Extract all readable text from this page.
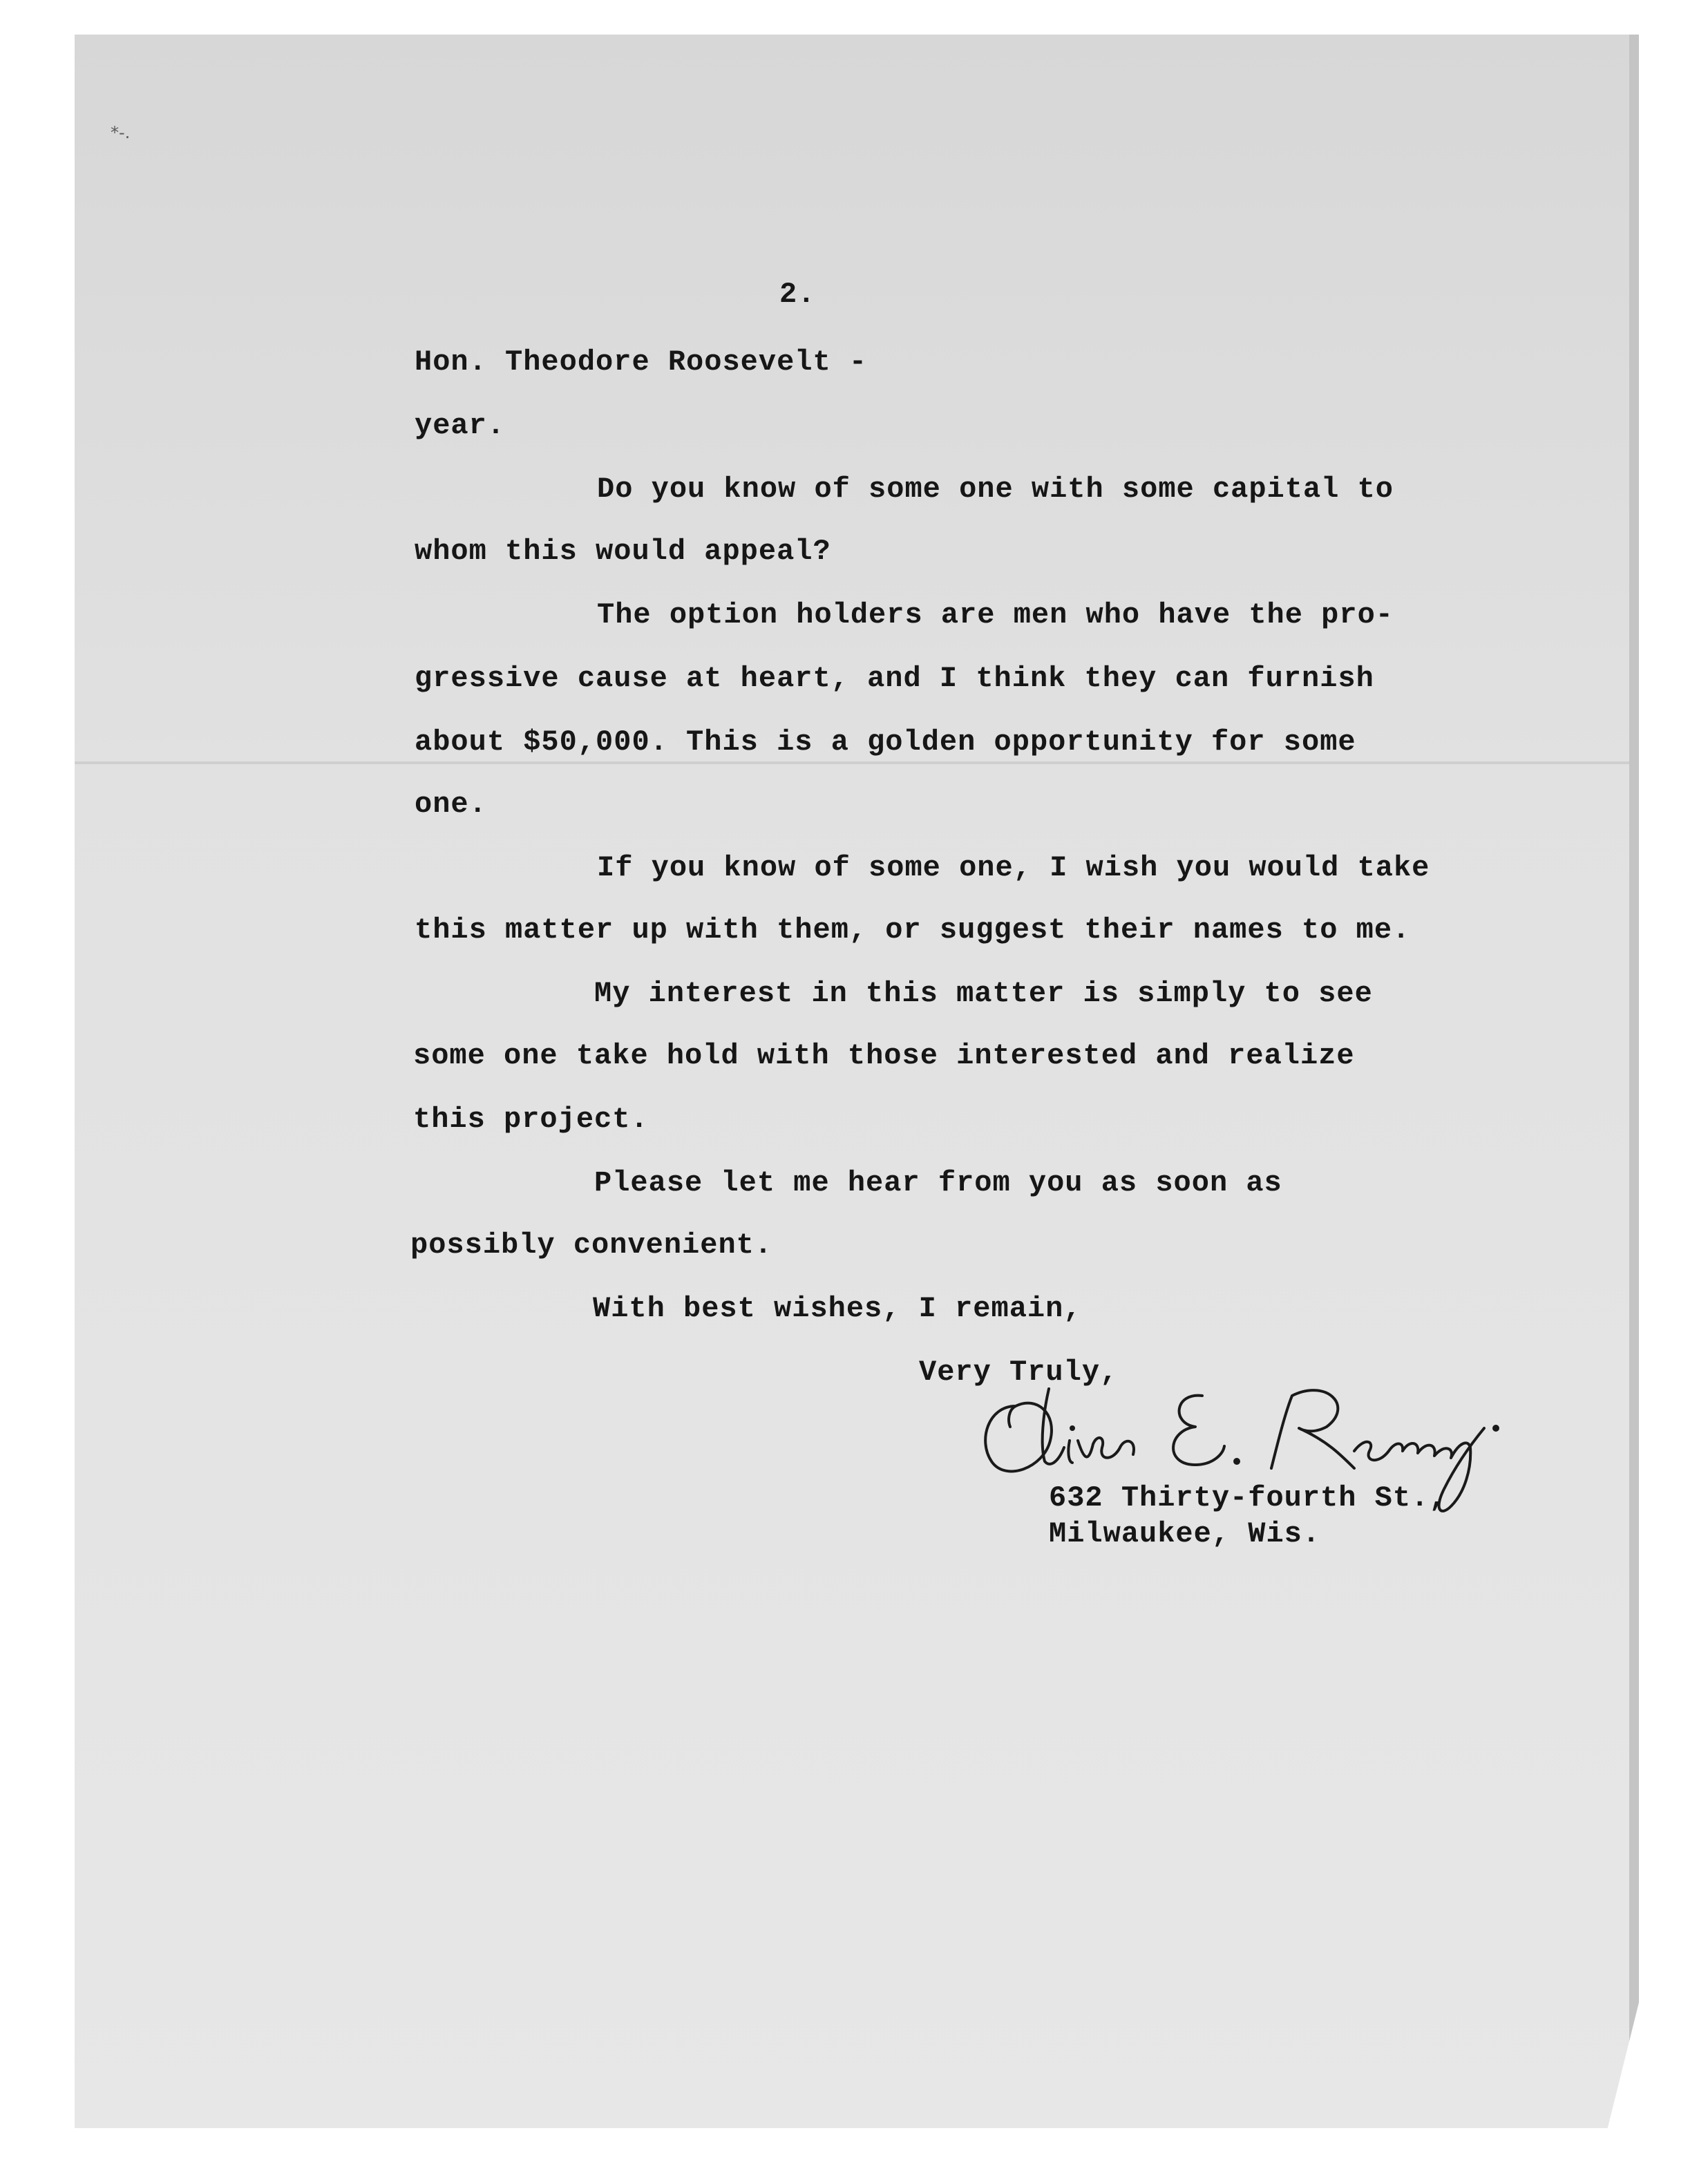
*-.
2.
Hon. Theodore Roosevelt -
year.
Do you know of some one with some capital to
whom this would appeal?
The option holders are men who have the pro-
gressive cause at heart, and I think they can furnish
about $50,000. This is a golden opportunity for some
one.
If you know of some one, I wish you would take
this matter up with them, or suggest their names to me.
My interest in this matter is simply to see
some one take hold with those interested and realize
this project.
Please let me hear from you as soon as
possibly convenient.
With best wishes, I remain,
Very Truly,
632 Thirty-fourth St.,
Milwaukee, Wis.
